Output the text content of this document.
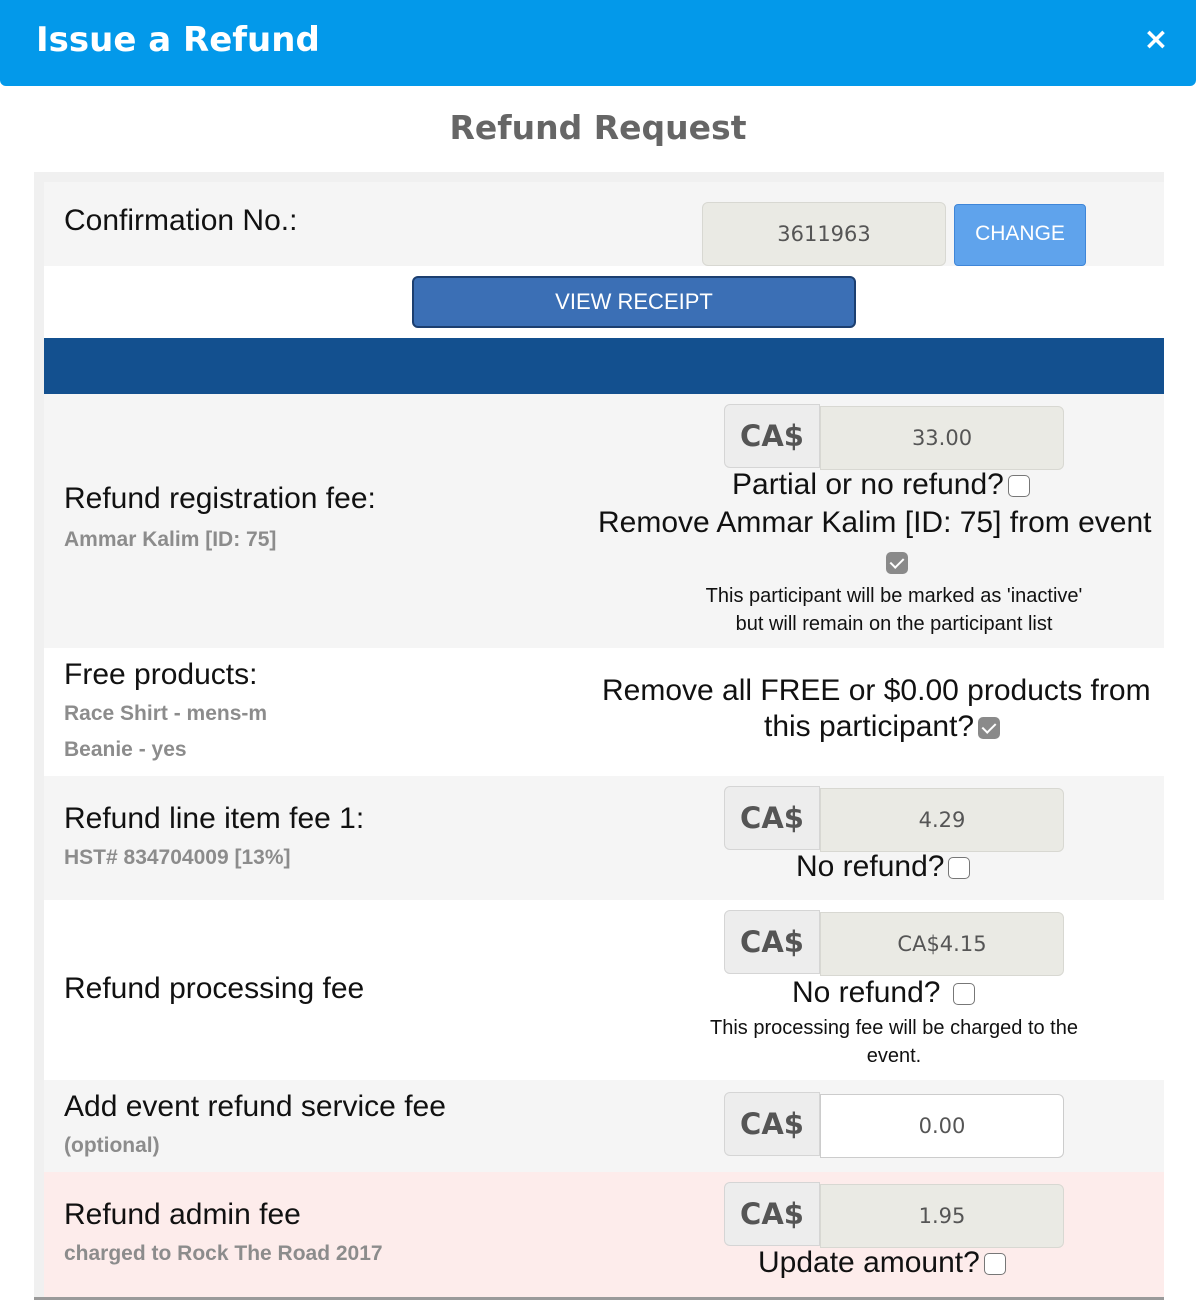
Issue a Refund	×
Refund Request
Confirmation No.:	3611963	CHANGE
VIEW RECEIPT
Refund registration fee:
Ammar Kalim [ID: 75]
CA$	33.00
Partial or no refund?
Remove Ammar Kalim [ID: 75] from event
This participant will be marked as 'inactive'
but will remain on the participant list
Free products:
Race Shirt - mens-m
Beanie - yes
Remove all FREE or $0.00 products from
this participant?
Refund line item fee 1:
HST# 834704009 [13%]
CA$	4.29
No refund?
Refund processing fee
CA$	CA$4.15
No refund?
This processing fee will be charged to the
event.
Add event refund service fee
(optional)
CA$	0.00
Refund admin fee
charged to Rock The Road 2017
CA$	1.95
Update amount?
